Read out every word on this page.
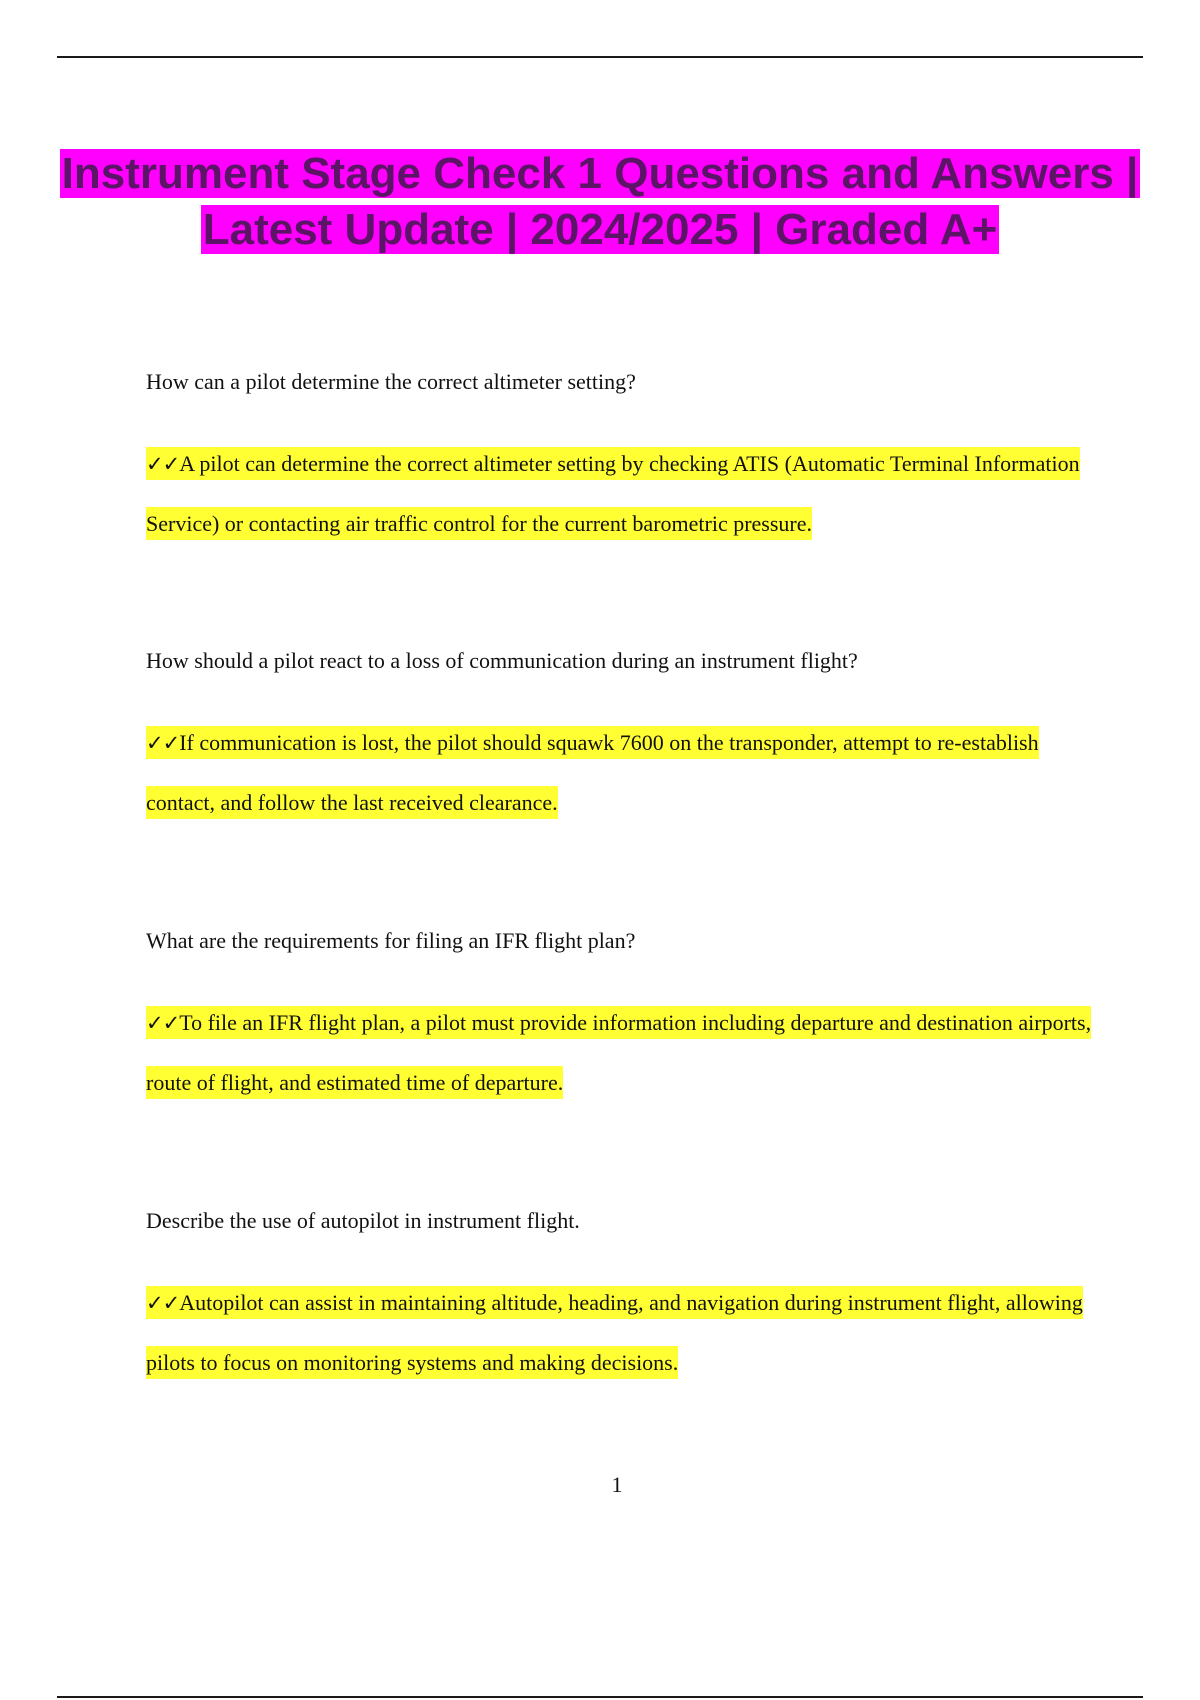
Instrument Stage Check 1 Questions and Answers | Latest Update | 2024/2025 | Graded A+

How can a pilot determine the correct altimeter setting?

✓✓A pilot can determine the correct altimeter setting by checking ATIS (Automatic Terminal Information Service) or contacting air traffic control for the current barometric pressure.

How should a pilot react to a loss of communication during an instrument flight?

✓✓If communication is lost, the pilot should squawk 7600 on the transponder, attempt to re-establish contact, and follow the last received clearance.

What are the requirements for filing an IFR flight plan?

✓✓To file an IFR flight plan, a pilot must provide information including departure and destination airports, route of flight, and estimated time of departure.

Describe the use of autopilot in instrument flight.

✓✓Autopilot can assist in maintaining altitude, heading, and navigation during instrument flight, allowing pilots to focus on monitoring systems and making decisions.

1
